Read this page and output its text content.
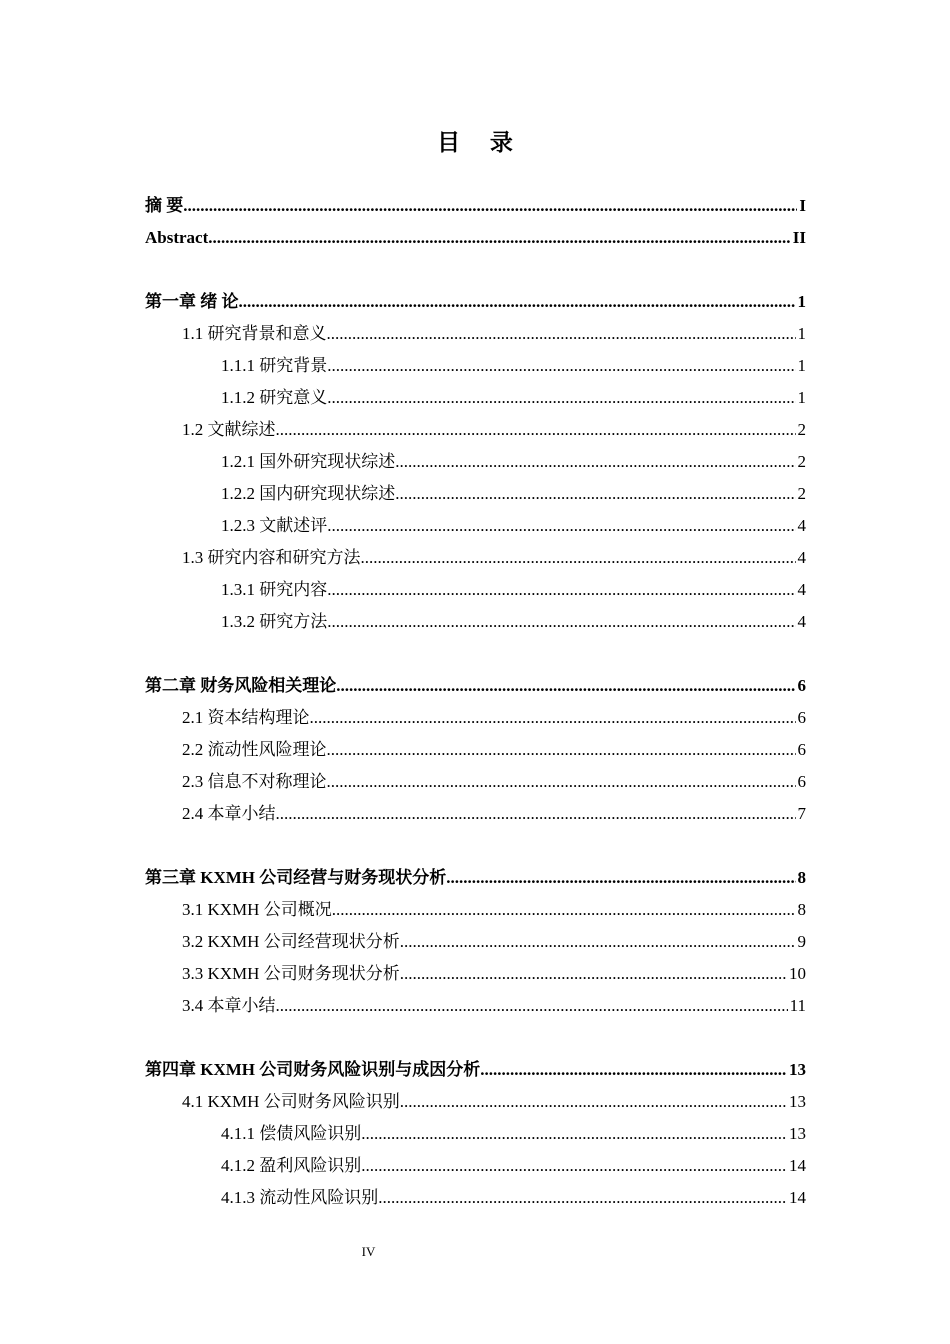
目 录
摘 要 .....	I
Abstract .....	II
第一章 绪 论 .....	1
1.1 研究背景和意义 .....	1
1.1.1 研究背景 .....	1
1.1.2 研究意义 .....	1
1.2 文献综述 .....	2
1.2.1 国外研究现状综述 .....	2
1.2.2 国内研究现状综述 .....	2
1.2.3 文献述评 .....	4
1.3 研究内容和研究方法 .....	4
1.3.1 研究内容 .....	4
1.3.2 研究方法 .....	4
第二章 财务风险相关理论 .....	6
2.1 资本结构理论 .....	6
2.2 流动性风险理论 .....	6
2.3 信息不对称理论 .....	6
2.4 本章小结 .....	7
第三章 KXMH 公司经营与财务现状分析 .....	8
3.1 KXMH 公司概况 .....	8
3.2 KXMH 公司经营现状分析 .....	9
3.3 KXMH 公司财务现状分析 .....	10
3.4 本章小结 .....	11
第四章 KXMH 公司财务风险识别与成因分析 .....	13
4.1 KXMH 公司财务风险识别 .....	13
4.1.1 偿债风险识别 .....	13
4.1.2 盈利风险识别 .....	14
4.1.3 流动性风险识别 .....	14
IV
